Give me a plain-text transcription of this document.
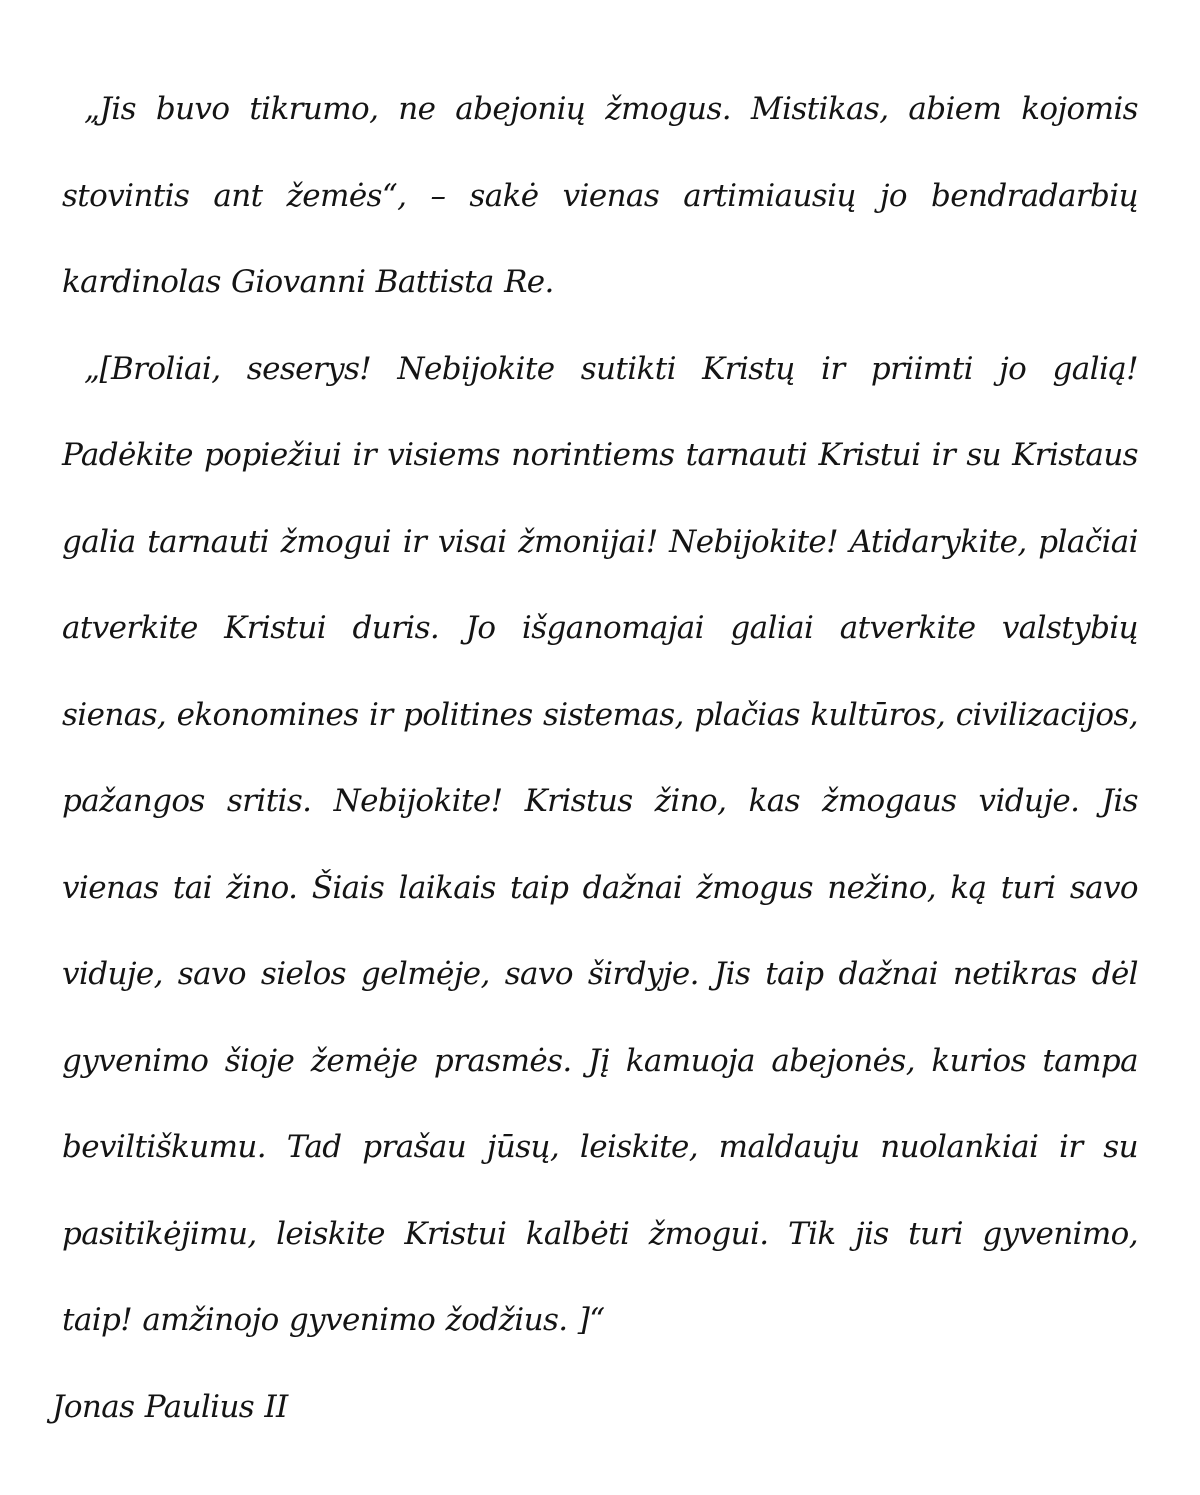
„Jis buvo tikrumo, ne abejonių žmogus. Mistikas, abiem kojomis stovintis ant žemės“, – sakė vienas artimiausių jo bendradarbių kardinolas Giovanni Battista Re.

„[Broliai, seserys! Nebijokite sutikti Kristų ir priimti jo galią! Padėkite popiežiui ir visiems norintiems tarnauti Kristui ir su Kristaus galia tarnauti žmogui ir visai žmonijai! Nebijokite! Atidarykite, plačiai atverkite Kristui duris. Jo išganomajai galiai atverkite valstybių sienas, ekonomines ir politines sistemas, plačias kultūros, civilizacijos, pažangos sritis. Nebijokite! Kristus žino, kas žmogaus viduje. Jis vienas tai žino. Šiais laikais taip dažnai žmogus nežino, ką turi savo viduje, savo sielos gelmėje, savo širdyje. Jis taip dažnai netikras dėl gyvenimo šioje žemėje prasmės. Jį kamuoja abejonės, kurios tampa beviltiškumu. Tad prašau jūsų, leiskite, maldauju nuolankiai ir su pasitikėjimu, leiskite Kristui kalbėti žmogui. Tik jis turi gyvenimo, taip! amžinojo gyvenimo žodžius. ]“

Jonas Paulius II
